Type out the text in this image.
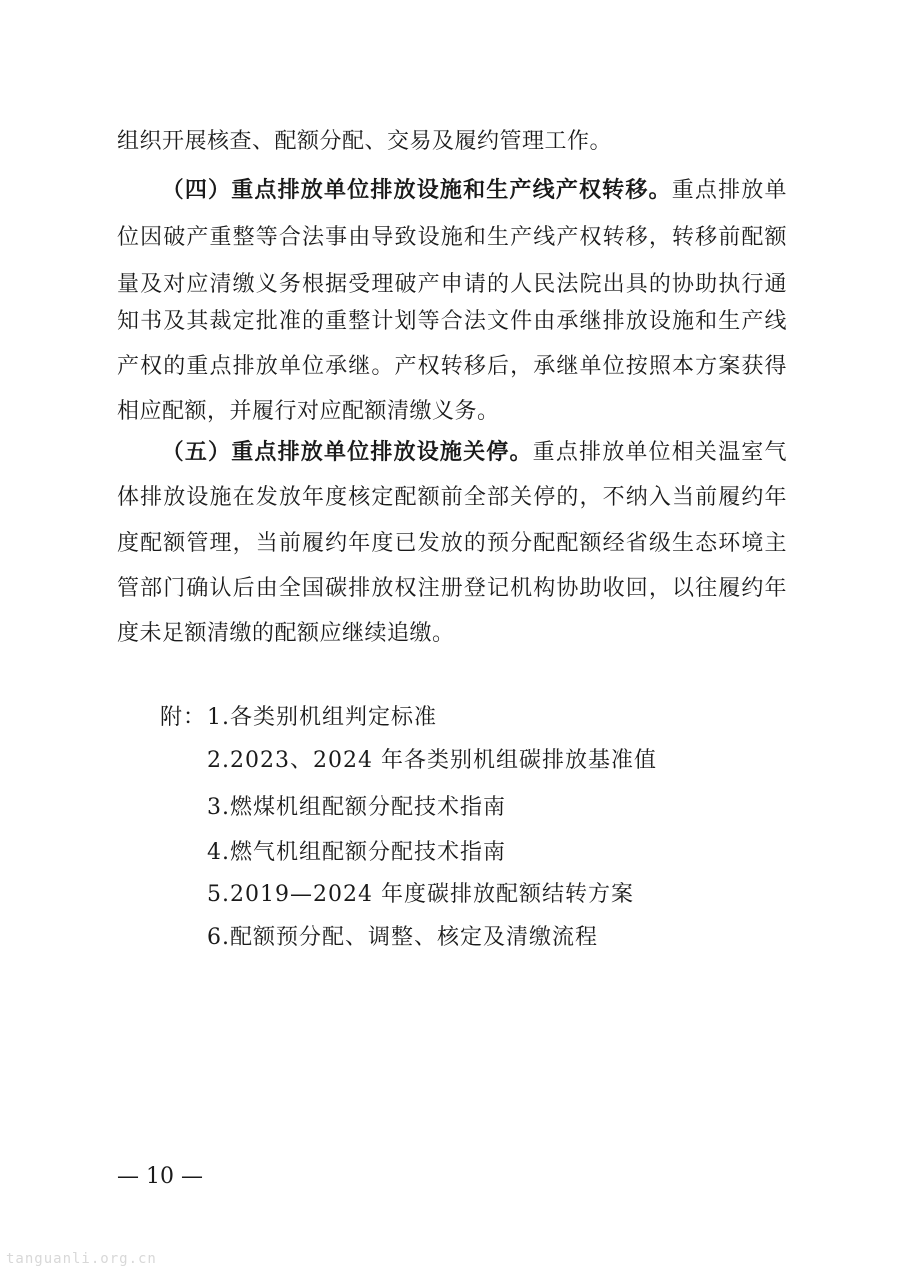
组织开展核查、配额分配、交易及履约管理工作。
（四）重点排放单位排放设施和生产线产权转移。重点排放单
位因破产重整等合法事由导致设施和生产线产权转移，转移前配额
量及对应清缴义务根据受理破产申请的人民法院出具的协助执行通
知书及其裁定批准的重整计划等合法文件由承继排放设施和生产线
产权的重点排放单位承继。产权转移后，承继单位按照本方案获得
相应配额，并履行对应配额清缴义务。
（五）重点排放单位排放设施关停。重点排放单位相关温室气
体排放设施在发放年度核定配额前全部关停的，不纳入当前履约年
度配额管理，当前履约年度已发放的预分配配额经省级生态环境主
管部门确认后由全国碳排放权注册登记机构协助收回，以往履约年
度未足额清缴的配额应继续追缴。
附： 1.各类别机组判定标准
2.2023、2024 年各类别机组碳排放基准值
3.燃煤机组配额分配技术指南
4.燃气机组配额分配技术指南
5.2019—2024 年度碳排放配额结转方案
6.配额预分配、调整、核定及清缴流程
— 10 —
tanguanli.org.cn
